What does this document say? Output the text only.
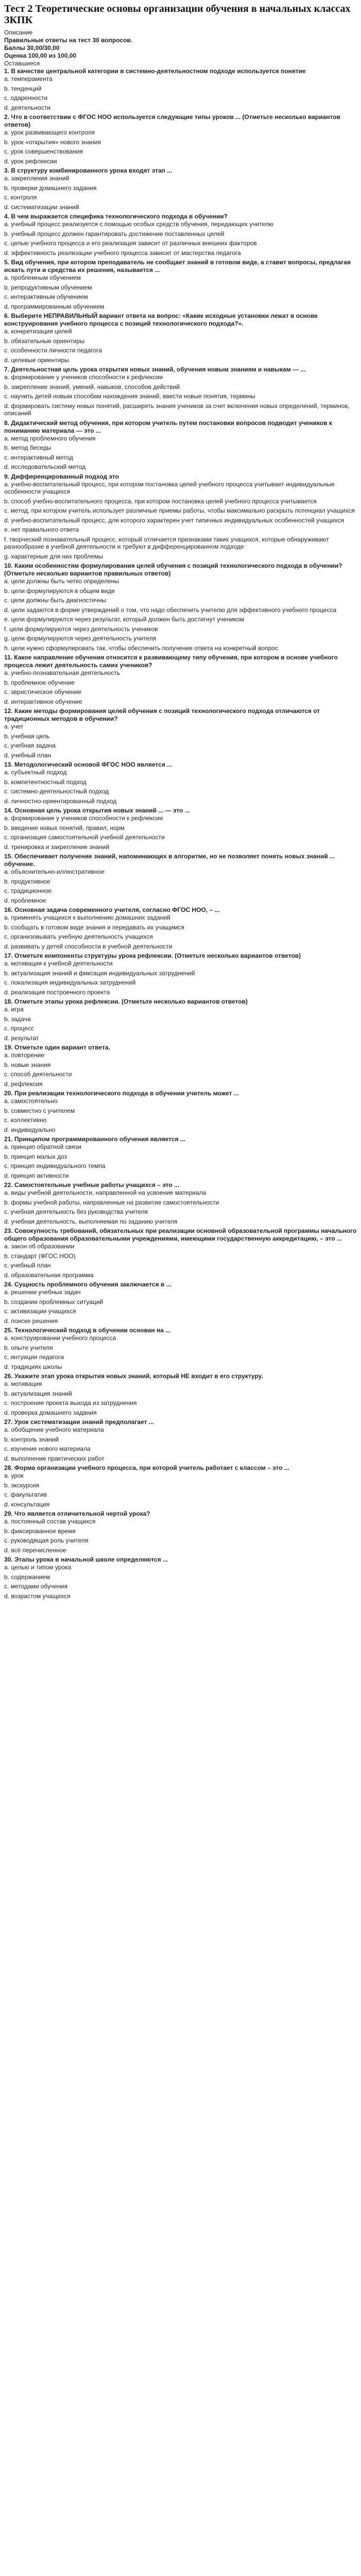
Тест 2 Теоретические основы организации обучения в начальных классах ЗКПК

Описание

Правильные ответы на тест 30 вопросов.

Баллы 30,00/30,00

Оценка 100,00 из 100,00

Оставшиеся

1. В качестве центральной категории в системно-деятельностном подходе используется понятие

a. темперамента
b. тенденций
c. одаренности
d. деятельности

2. Что в соответствии с ФГОС НОО используется следующие типы уроков ... (Отметьте несколько вариантов ответов)

a. урок развивающего контроля
b. урок «открытия» нового знания
c. урок совершенствования
d. урок рефлексии

3. В структуру комбинированного урока входят этап ...

a. закрепления знаний
b. проверки домашнего задания
c. контроля
d. систематизации знаний

4. В чем выражается специфика технологического подхода в обучении?

a. учебный процесс реализуется с помощью особых средств обучения, передающих учителю
b. учебный процесс должен гарантировать достижение поставленных целей
c. целью учебного процесса и его реализация зависит от различных внешних факторов
d. эффективность реализации учебного процесса зависит от мастерства педагога

5. Вид обучения, при котором преподаватель не сообщает знаний в готовом виде, а ставит вопросы, предлагая искать пути и средства их решения, называется ...

a. проблемным обучением
b. репродуктивным обучением
c. интерактивным обучением
d. программированным обучением

6. Выберите НЕПРАВИЛЬНЫЙ вариант ответа на вопрос: «Какие исходные установки лежат в основе конструирования учебного процесса с позиций технологического подхода?».

a. конкретизация целей
b. обязательные ориентиры
c. особенности личности педагога
d. целевые ориентиры

7. Деятельностная цель урока открытия новых знаний, обучения новым знаниям и навыкам — ...

a. формирование у учеников способности к рефлексии
b. закрепление знаний, умений, навыков, способов действий
c. научить детей новым способам нахождения знаний, ввести новые понятия, термины
d. формировать систему новых понятий, расширять знания учеников за счет включения новых определений, терминов, описаний

8. Дидактический метод обучения, при котором учитель путем постановки вопросов подводит учеников к пониманию материала — это ...

a. метод проблемного обучения
b. метод беседы
c. интерактивный метод
d. исследовательский метод

9. Дифференцированный подход это

a. учебно-воспитательный процесс, при котором постановка целей учебного процесса учитывает индивидуальные особенности учащихся
b. способ учебно-воспитательного процесса, при котором постановка целей учебного процесса учитывается
c. метод, при котором учитель использует различные приемы работы, чтобы максимально раскрыть потенциал учащихся
d. учебно-воспитательный процесс, для которого характерен учет типичных индивидуальных особенностей учащихся
e. нет правильного ответа
f. творческий познавательный процесс, который отличается признаками таких учащихся, которые обнаруживают разнообразие в учебной деятельности и требуют в дифференцированном подходе
g. характерные для них проблемы

10. Каким особенностям формулирования целей обучения с позиций технологического подхода в обучении? (Отметьте несколько вариантов правильных ответов)

a. цели должны быть четко определены
b. цели формулируются в общем виде
c. цели должны быть диагностичны
d. цели задаются в форме утверждений о том, что надо обеспечить учителю для эффективного учебного процесса
e. цели формулируются через результат, который должен быть достигнут учеником
f. цели формулируются через деятельность учеников
g. цели формулируются через деятельность учителя
h. цели нужно сформулировать так, чтобы обеспечить получение ответа на конкретный вопрос

11. Какое направление обучения относится к развивающему типу обучения, при котором в основе учебного процесса лежит деятельность самих учеников?

a. учебно-познавательная деятельность
b. проблемное обучение
c. эвристическое обучение
d. интерактивное обучение

12. Какие методы формирования целей обучения с позиций технологического подхода отличаются от традиционных методов в обучении?

a. учет
b. учебная цель
c. учебная задача
d. учебный план

13. Методологический основой ФГОС НОО является ...

a. субъектный подход
b. компетентностный подход
c. системно-деятельностный подход
d. личностно-ориентированный подход

14. Основная цель урока открытия новых знаний ... — это ...

a. формирование у учеников способности к рефлексии
b. введение новых понятий, правил, норм
c. организация самостоятельной учебной деятельности
d. тренировка и закрепление знаний

15. Обеспечивает получение знаний, напоминающих в алгоритме, но не позволяет понять новых знаний ... обучение.

a. объяснительно-иллюстративное
b. продуктивное
c. традиционное
d. проблемное

16. Основная задача современного учителя, согласно ФГОС НОО, – ...

a. применять учащихся к выполнению домашних заданий
b. сообщать в готовом виде знания и передавать их учащимся
c. организовывать учебную деятельность учащихся
d. развивать у детей способности в учебной деятельности

17. Отметьте компоненты структуры урока рефлексии. (Отметьте несколько вариантов ответов)

a. мотивация к учебной деятельности
b. актуализация знаний и фиксация индивидуальных затруднений
c. локализация индивидуальных затруднений
d. реализация построенного проекта

18. Отметьте этапы урока рефлексии. (Отметьте несколько вариантов ответов)

a. игра
b. задача
c. процесс
d. результат

19. Отметьте один вариант ответа.

a. повторение
b. новые знания
c. способ деятельности
d. рефлексия

20. При реализации технологического подхода в обучении учитель может ...

a. самостоятельно
b. совместно с учителем
c. коллективно
d. индивидуально

21. Принципом программированного обучения является ...

a. принцип обратной связи
b. принцип малых доз
c. принцип индивидуального темпа
d. принцип активности

22. Самостоятельные учебные работы учащихся – это ...

a. виды учебной деятельности, направленной на усвоение материала
b. формы учебной работы, направленные на развитие самостоятельности
c. учебная деятельность без руководства учителя
d. учебная деятельность, выполняемая по заданию учителя

23. Совокупность требований, обязательных при реализации основной образовательной программы начального общего образования образовательными учреждениями, имеющими государственную аккредитацию, – это ...

a. закон об образовании
b. стандарт (ФГОС НОО)
c. учебный план
d. образовательная программа

24. Сущность проблемного обучения заключается в ...

a. решении учебных задач
b. создании проблемных ситуаций
c. активизации учащихся
d. поиске решения

25. Технологический подход в обучении основан на ...

a. конструировании учебного процесса
b. опыте учителя
c. интуиции педагога
d. традициях школы

26. Укажите этап урока открытия новых знаний, который НЕ входит в его структуру.

a. мотивация
b. актуализация знаний
c. построение проекта выхода из затруднения
d. проверка домашнего задания

27. Урок систематизации знаний предполагает ...

a. обобщение учебного материала
b. контроль знаний
c. изучение нового материала
d. выполнение практических работ

28. Форма организации учебного процесса, при которой учитель работает с классом – это ...

a. урок
b. экскурсия
c. факультатив
d. консультация

29. Что является отличительной чертой урока?

a. постоянный состав учащихся
b. фиксированное время
c. руководящая роль учителя
d. всё перечисленное

30. Этапы урока в начальной школе определяются ...

a. целью и типом урока
b. содержанием
c. методами обучения
d. возрастом учащихся
